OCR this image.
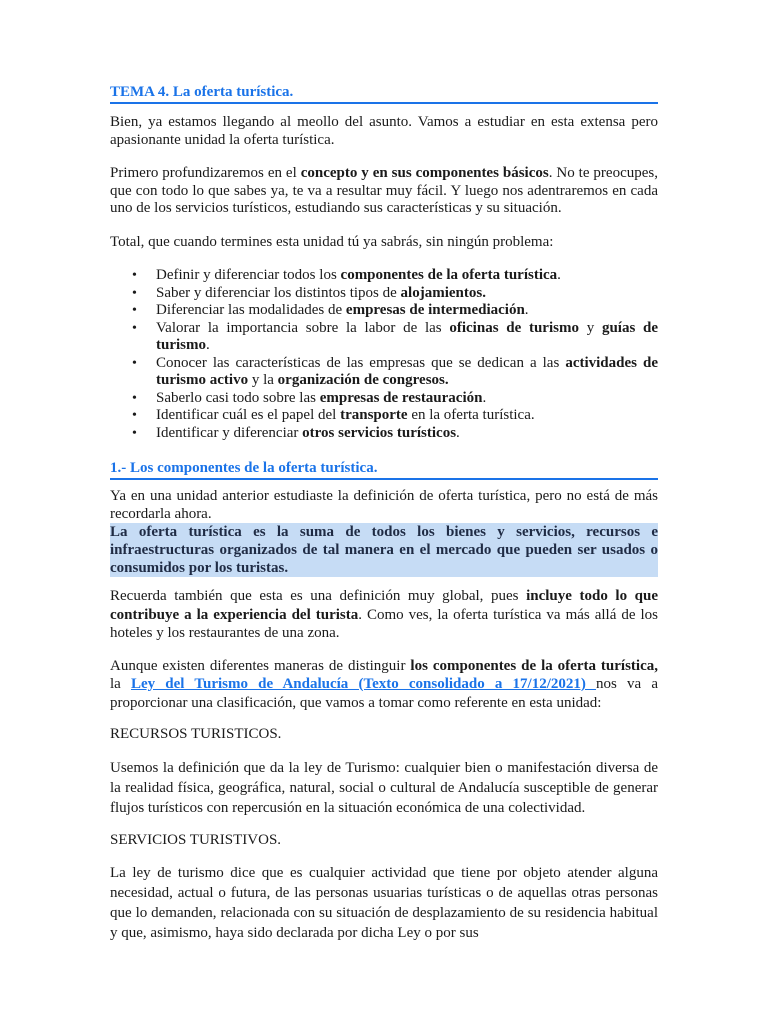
TEMA 4. La oferta turística.

Bien, ya estamos llegando al meollo del asunto. Vamos a estudiar en esta extensa pero apasionante unidad la oferta turística.

Primero profundizaremos en el concepto y en sus componentes básicos. No te preocupes, que con todo lo que sabes ya, te va a resultar muy fácil. Y luego nos adentraremos en cada uno de los servicios turísticos, estudiando sus características y su situación.

Total, que cuando termines esta unidad tú ya sabrás, sin ningún problema:

• Definir y diferenciar todos los componentes de la oferta turística.
• Saber y diferenciar los distintos tipos de alojamientos.
• Diferenciar las modalidades de empresas de intermediación.
• Valorar la importancia sobre la labor de las oficinas de turismo y guías de turismo.
• Conocer las características de las empresas que se dedican a las actividades de turismo activo y la organización de congresos.
• Saberlo casi todo sobre las empresas de restauración.
• Identificar cuál es el papel del transporte en la oferta turística.
• Identificar y diferenciar otros servicios turísticos.
1.- Los componentes de la oferta turística.

Ya en una unidad anterior estudiaste la definición de oferta turística, pero no está de más recordarla ahora.

La oferta turística es la suma de todos los bienes y servicios, recursos e infraestructuras organizados de tal manera en el mercado que pueden ser usados o consumidos por los turistas.

Recuerda también que esta es una definición muy global, pues incluye todo lo que contribuye a la experiencia del turista. Como ves, la oferta turística va más allá de los hoteles y los restaurantes de una zona.

Aunque existen diferentes maneras de distinguir los componentes de la oferta turística, la Ley del Turismo de Andalucía (Texto consolidado a 17/12/2021) nos va a proporcionar una clasificación, que vamos a tomar como referente en esta unidad:

RECURSOS TURISTICOS.

Usemos la definición que da la ley de Turismo: cualquier bien o manifestación diversa de la realidad física, geográfica, natural, social o cultural de Andalucía susceptible de generar flujos turísticos con repercusión en la situación económica de una colectividad.

SERVICIOS TURISTIVOS.

La ley de turismo dice que es cualquier actividad que tiene por objeto atender alguna necesidad, actual o futura, de las personas usuarias turísticas o de aquellas otras personas que lo demanden, relacionada con su situación de desplazamiento de su residencia habitual y que, asimismo, haya sido declarada por dicha Ley o por sus
